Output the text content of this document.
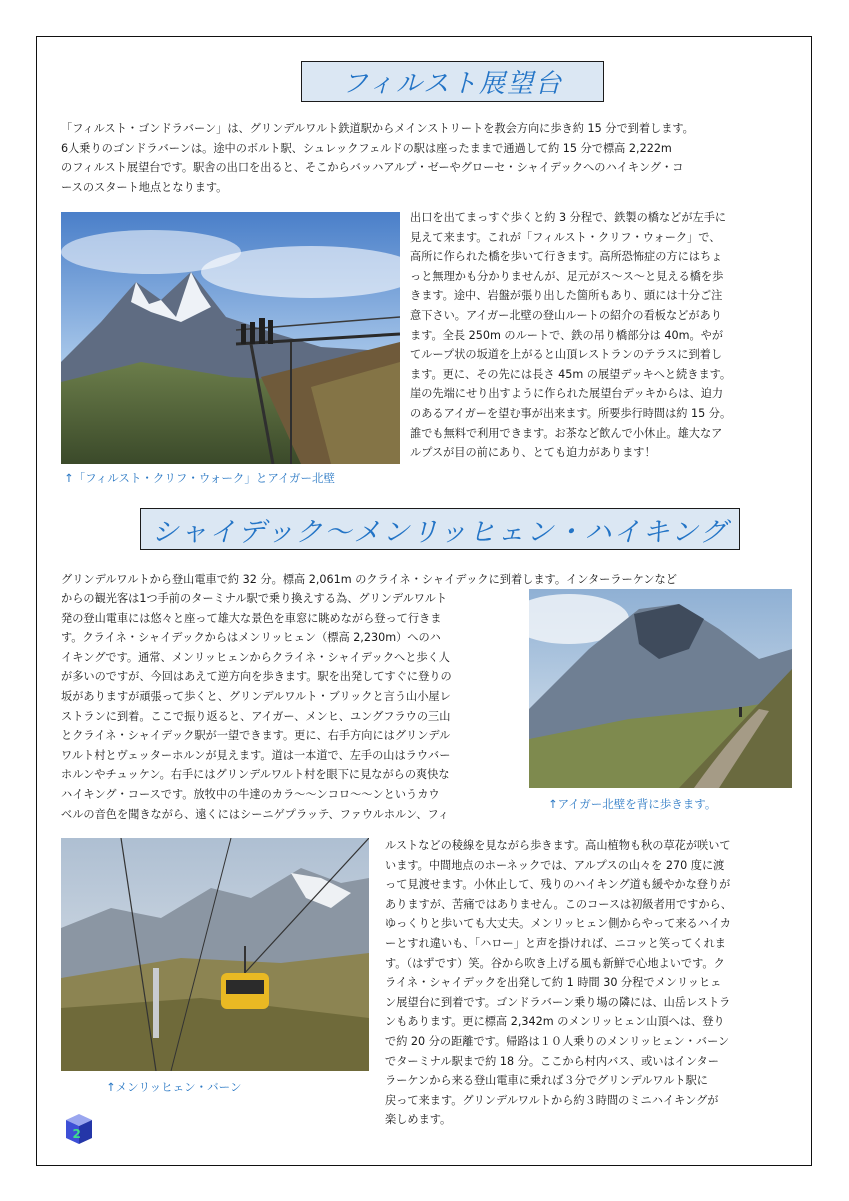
フィルスト展望台

「フィルスト・ゴンドラバーン」は、グリンデルワルト鉄道駅からメインストリートを教会方向に歩き約 15 分で到着します。

6人乗りのゴンドラバーンは。途中のボルト駅、シュレックフェルドの駅は座ったままで通過して約 15 分で標高 2,222m

のフィルスト展望台です。駅舎の出口を出ると、そこからバッハアルプ・ゼーやグローセ・シャイデックへのハイキング・コ

ースのスタート地点となります。

出口を出てまっすぐ歩くと約 3 分程で、鉄製の橋などが左手に

見えて来ます。これが「フィルスト・クリフ・ウォーク」で、

高所に作られた橋を歩いて行きます。高所恐怖症の方にはちょ

っと無理かも分かりませんが、足元がス～ス～と見える橋を歩

きます。途中、岩盤が張り出した箇所もあり、頭には十分ご注

意下さい。アイガー北壁の登山ルートの紹介の看板などがあり

ます。全長 250m のルートで、鉄の吊り橋部分は 40m。やが

てループ状の坂道を上がると山頂レストランのテラスに到着し

ます。更に、その先には長さ 45m の展望デッキへと続きます。

崖の先端にせり出すように作られた展望台デッキからは、迫力

のあるアイガーを望む事が出来ます。所要歩行時間は約 15 分。

誰でも無料で利用できます。お茶など飲んで小休止。雄大なア

ルプスが目の前にあり、とても迫力があります！

↑「フィルスト・クリフ・ウォーク」とアイガー北壁
シャイデック～メンリッヒェン・ハイキング

グリンデルワルトから登山電車で約 32 分。標高 2,061m のクライネ・シャイデックに到着します。インターラーケンなど

からの観光客は1つ手前のターミナル駅で乗り換えする為、グリンデルワルト

発の登山電車には悠々と座って雄大な景色を車窓に眺めながら登って行きま

す。クライネ・シャイデックからはメンリッヒェン（標高 2,230m）へのハ

イキングです。通常、メンリッヒェンからクライネ・シャイデックへと歩く人

が多いのですが、今回はあえて逆方向を歩きます。駅を出発してすぐに登りの

坂がありますが頑張って歩くと、グリンデルワルト・ブリックと言う山小屋レ

ストランに到着。ここで振り返ると、アイガー、メンヒ、ユングフラウの三山

とクライネ・シャイデック駅が一望できます。更に、右手方向にはグリンデル

ワルト村とヴェッターホルンが見えます。道は一本道で、左手の山はラウバー

ホルンやチュッケン。右手にはグリンデルワルト村を眼下に見ながらの爽快な

ハイキング・コースです。放牧中の牛達のカラ～～ンコロ～～ンというカウ

ベルの音色を聞きながら、遠くにはシーニゲプラッテ、ファウルホルン、フィ

↑アイガー北壁を背に歩きます。

ルストなどの稜線を見ながら歩きます。高山植物も秋の草花が咲いて

います。中間地点のホーネックでは、アルプスの山々を 270 度に渡

って見渡せます。小休止して、残りのハイキング道も緩やかな登りが

ありますが、苦痛ではありません。このコースは初級者用ですから、

ゆっくりと歩いても大丈夫。メンリッヒェン側からやって来るハイカ

ーとすれ違いも、「ハロー」と声を掛ければ、ニコッと笑ってくれま

す。（はずです）笑。谷から吹き上げる風も新鮮で心地よいです。ク

ライネ・シャイデックを出発して約 1 時間 30 分程でメンリッヒェ

ン展望台に到着です。ゴンドラバーン乗り場の隣には、山岳レストラ

ンもあります。更に標高 2,342m のメンリッヒェン山頂へは、登り

で約 20 分の距離です。帰路は１０人乗りのメンリッヒェン・バーン

でターミナル駅まで約 18 分。ここから村内バス、或いはインター

ラーケンから来る登山電車に乗れば３分でグリンデルワルト駅に

戻って来ます。グリンデルワルトから約３時間のミニハイキングが

楽しめます。

↑メンリッヒェン・バーン
2
